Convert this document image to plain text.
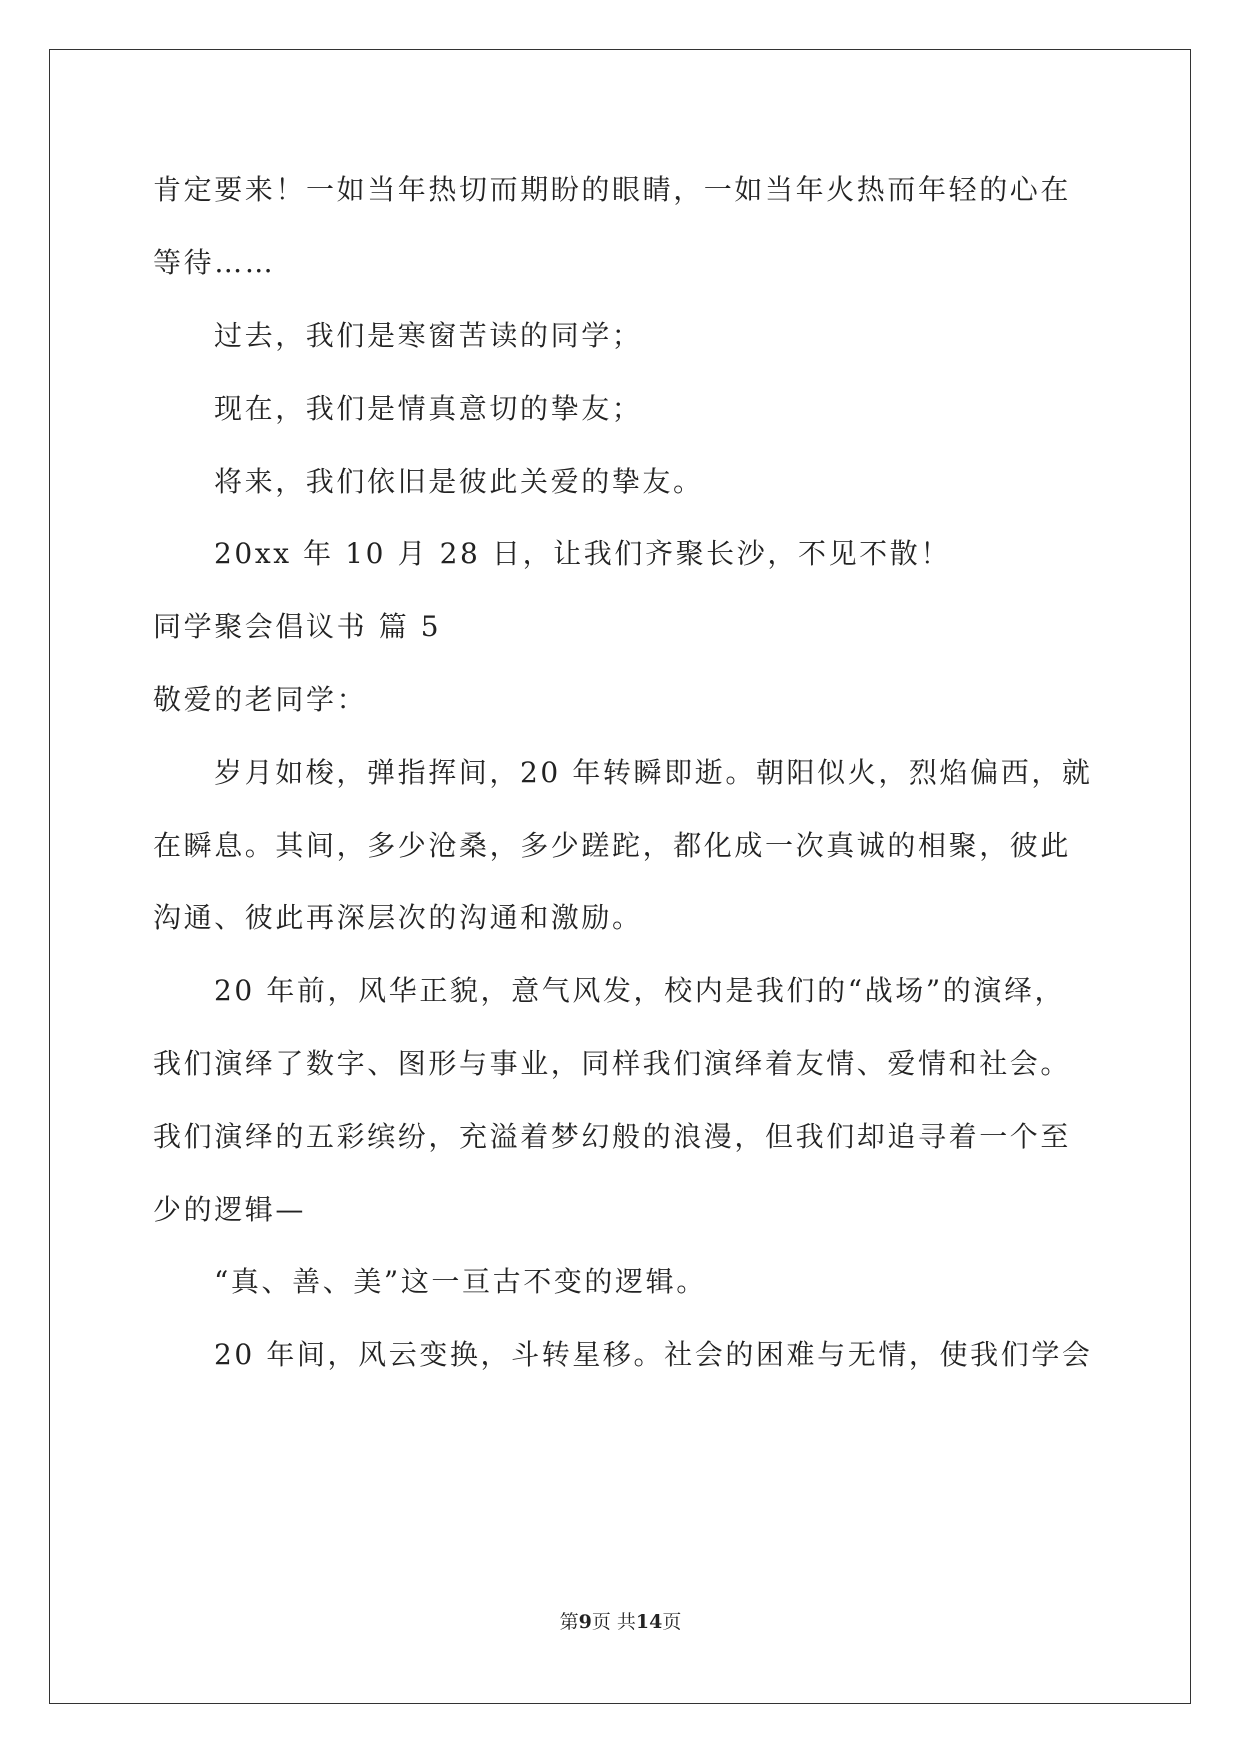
肯定要来！一如当年热切而期盼的眼睛，一如当年火热而年轻的心在
等待……
过去，我们是寒窗苦读的同学；
现在，我们是情真意切的挚友；
将来，我们依旧是彼此关爱的挚友。
20xx 年 10 月 28 日，让我们齐聚长沙，不见不散！
同学聚会倡议书 篇 5
敬爱的老同学：
岁月如梭，弹指挥间，20 年转瞬即逝。朝阳似火，烈焰偏西，就
在瞬息。其间，多少沧桑，多少蹉跎，都化成一次真诚的相聚，彼此
沟通、彼此再深层次的沟通和激励。
20 年前，风华正貌，意气风发，校内是我们的“战场”的演绎，
我们演绎了数字、图形与事业，同样我们演绎着友情、爱情和社会。
我们演绎的五彩缤纷，充溢着梦幻般的浪漫，但我们却追寻着一个至
少的逻辑—
“真、善、美”这一亘古不变的逻辑。
20 年间，风云变换，斗转星移。社会的困难与无情，使我们学会
第9页 共14页
